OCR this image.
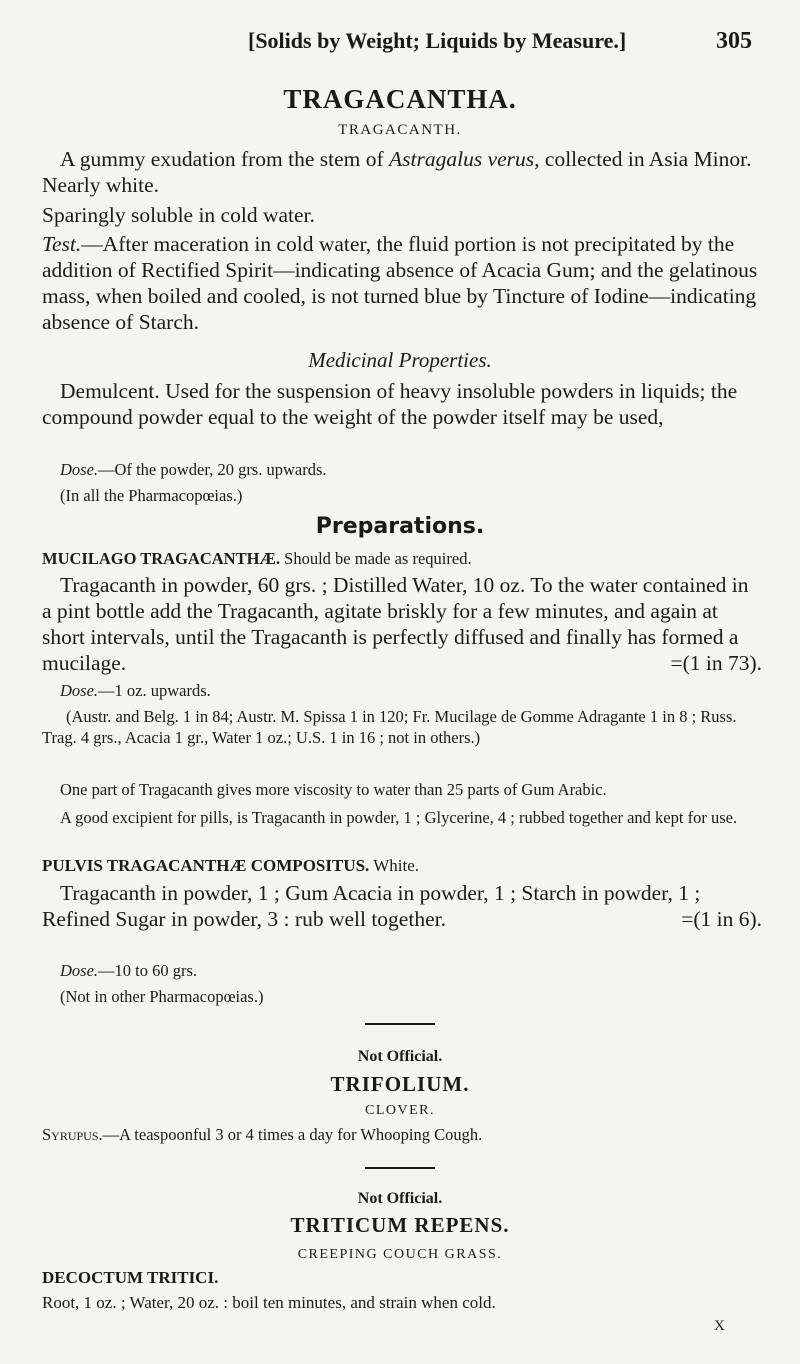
[Solids by Weight; Liquids by Measure.]	305
TRAGACANTHA.
TRAGACANTH.

A gummy exudation from the stem of Astragalus verus, collected in Asia Minor. Nearly white.

Sparingly soluble in cold water.

Test.—After maceration in cold water, the fluid portion is not precipitated by the addition of Rectified Spirit—indicating absence of Acacia Gum; and the gelatinous mass, when boiled and cooled, is not turned blue by Tincture of Iodine—indicating absence of Starch.

Medicinal Properties.

Demulcent. Used for the suspension of heavy insoluble powders in liquids; the compound powder equal to the weight of the powder itself may be used,

Dose.—Of the powder, 20 grs. upwards.

(In all the Pharmacopœias.)

Preparations.

MUCILAGO TRAGACANTHÆ. Should be made as required.

Tragacanth in powder, 60 grs. ; Distilled Water, 10 oz. To the water contained in a pint bottle add the Tragacanth, agitate briskly for a few minutes, and again at short intervals, until the Tragacanth is perfectly diffused and finally has formed a mucilage.	=(1 in 73).

Dose.—1 oz. upwards.

(Austr. and Belg. 1 in 84; Austr. M. Spissa 1 in 120; Fr. Mucilage de Gomme Adragante 1 in 8 ; Russ. Trag. 4 grs., Acacia 1 gr., Water 1 oz.; U.S. 1 in 16 ; not in others.)

One part of Tragacanth gives more viscosity to water than 25 parts of Gum Arabic.

A good excipient for pills, is Tragacanth in powder, 1 ; Glycerine, 4 ; rubbed together and kept for use.

PULVIS TRAGACANTHÆ COMPOSITUS. White.

Tragacanth in powder, 1 ; Gum Acacia in powder, 1 ; Starch in powder, 1 ; Refined Sugar in powder, 3 : rub well together.	=(1 in 6).

Dose.—10 to 60 grs.

(Not in other Pharmacopœias.)

Not Official.
TRIFOLIUM.
CLOVER.

Syrupus.—A teaspoonful 3 or 4 times a day for Whooping Cough.

Not Official.
TRITICUM REPENS.
CREEPING COUCH GRASS.
DECOCTUM TRITICI.

Root, 1 oz. ; Water, 20 oz. : boil ten minutes, and strain when cold.

X
